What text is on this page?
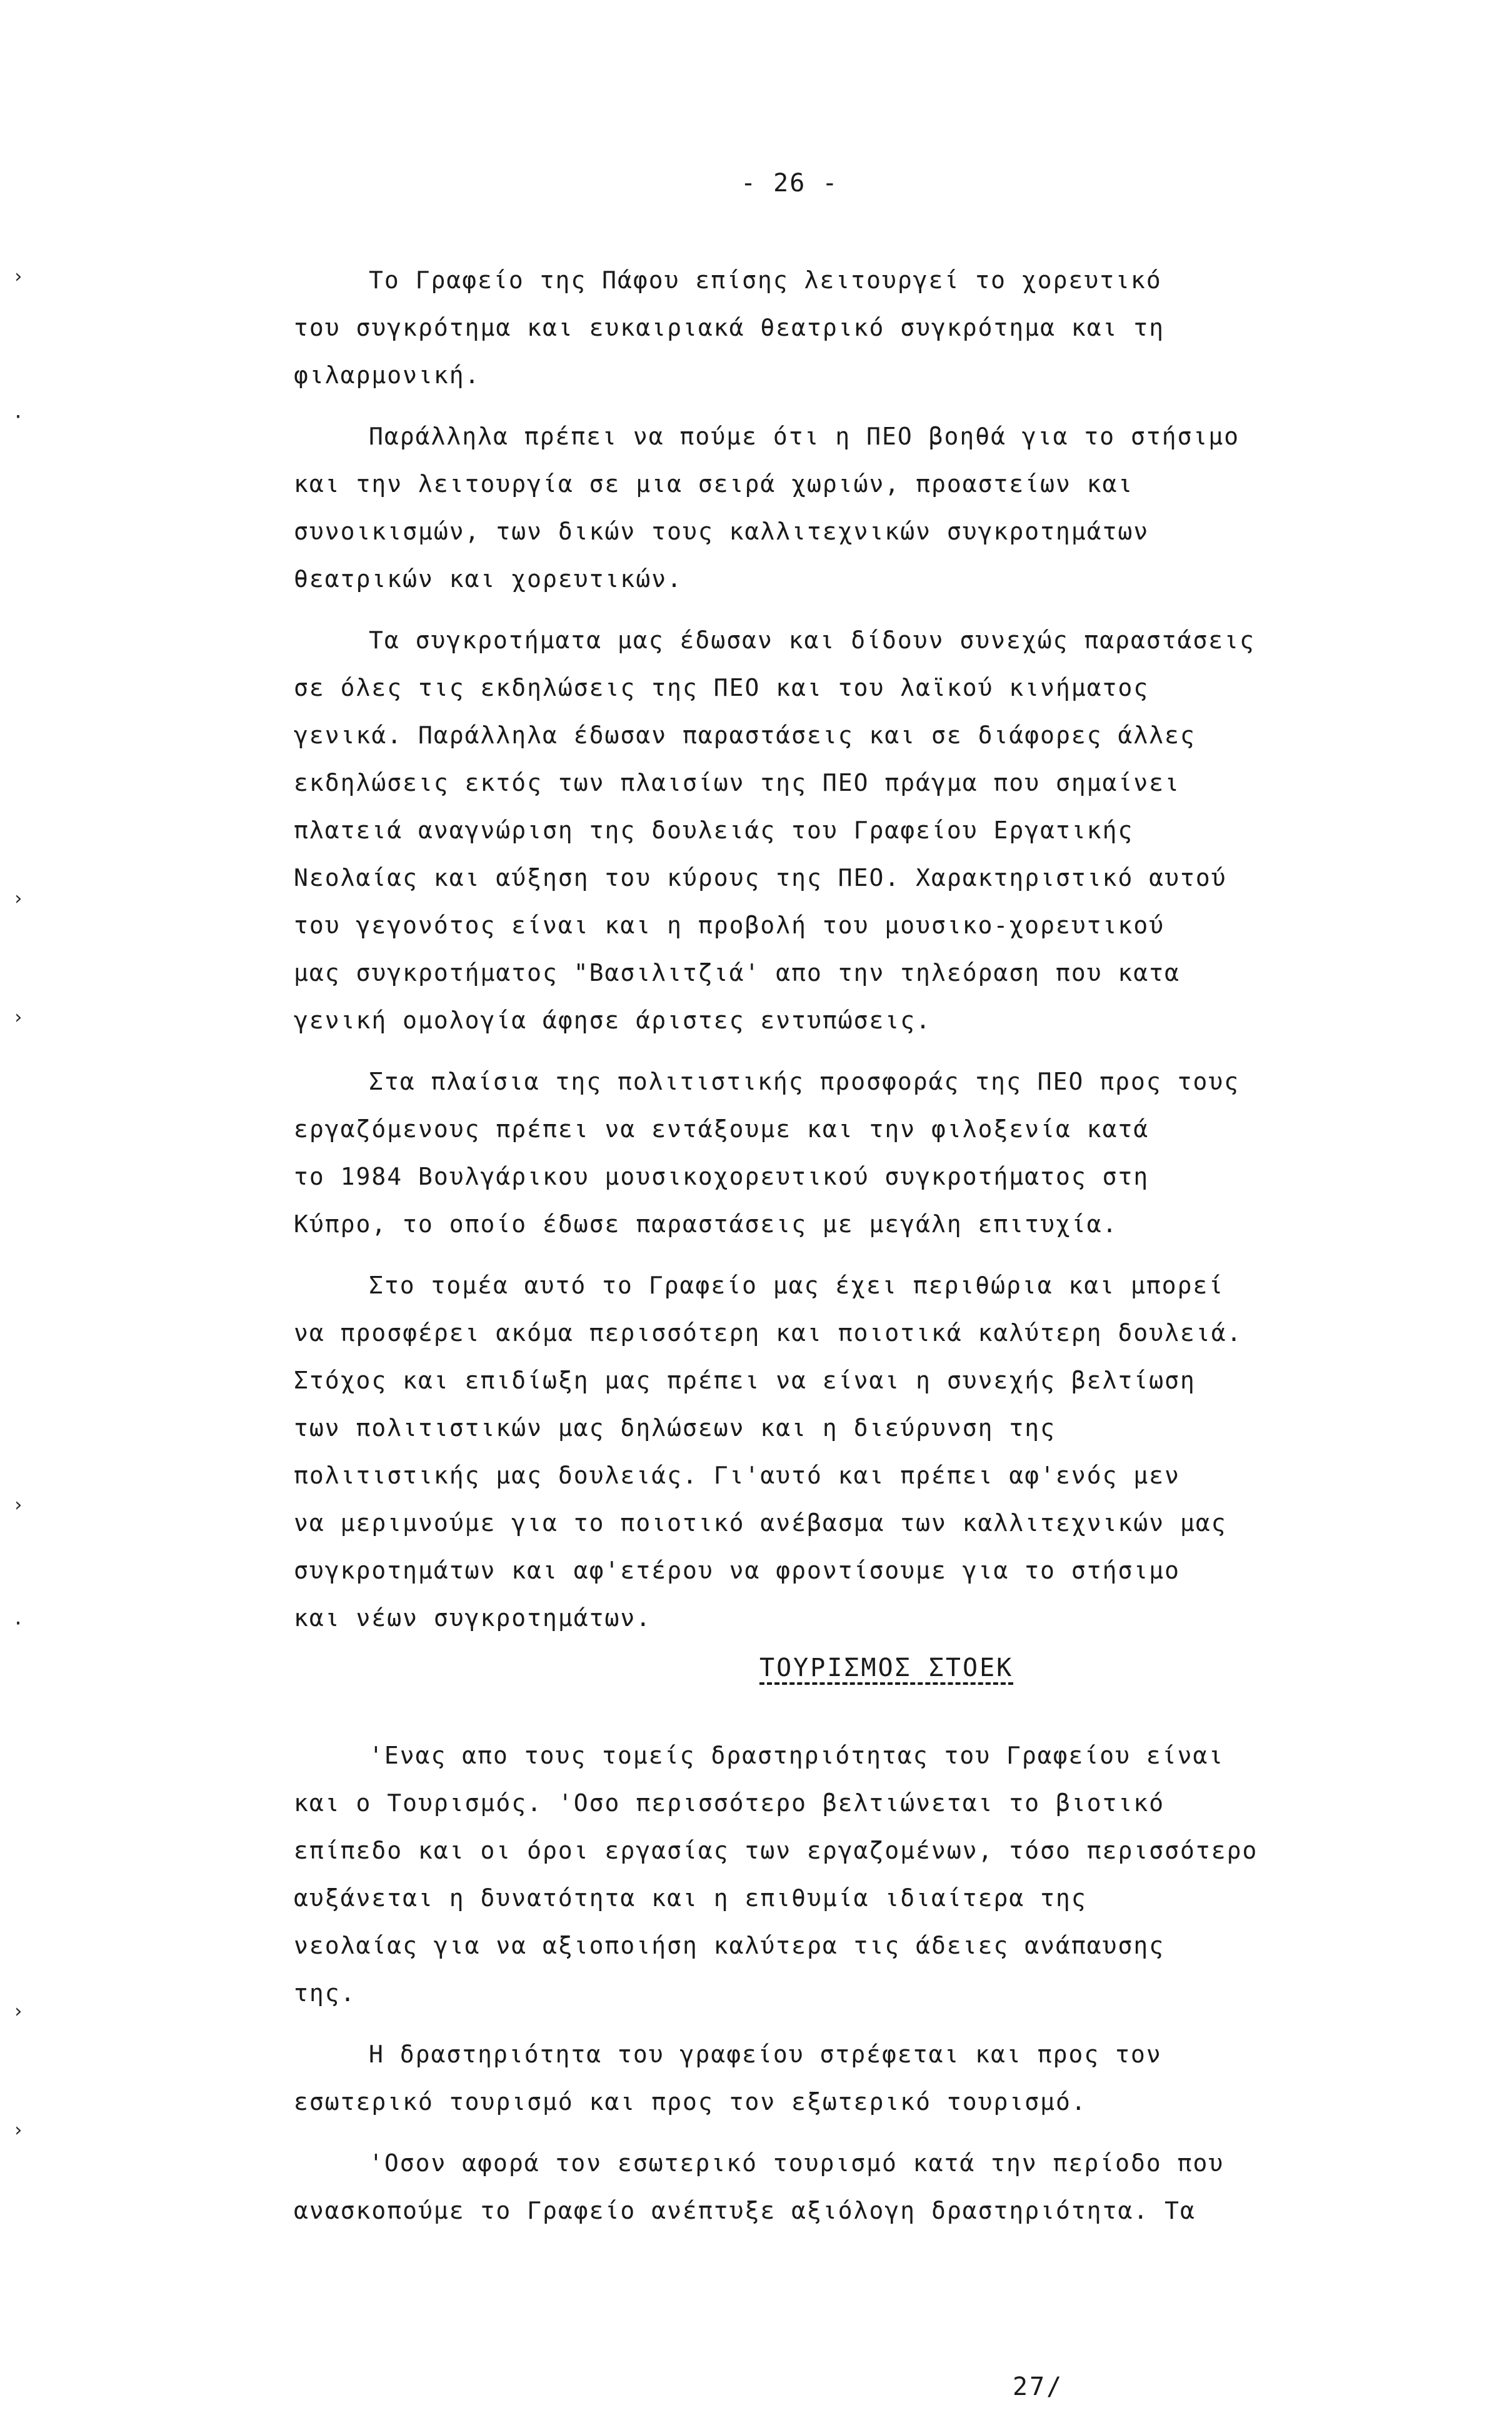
- 26 -
Το Γραφείο της Πάφου επίσης λειτουργεί το χορευτικό
του συγκρότημα και ευκαιριακά θεατρικό συγκρότημα και τη
φιλαρμονική.
Παράλληλα πρέπει να πούμε ότι η ΠΕΟ βοηθά για το στήσιμο
και την λειτουργία σε μια σειρά χωριών, προαστείων και
συνοικισμών, των δικών τους καλλιτεχνικών συγκροτημάτων
θεατρικών και χορευτικών.
Τα συγκροτήματα μας έδωσαν και δίδουν συνεχώς παραστάσεις
σε όλες τις εκδηλώσεις της ΠΕΟ και του λαϊκού κινήματος
γενικά. Παράλληλα έδωσαν παραστάσεις και σε διάφορες άλλες
εκδηλώσεις εκτός των πλαισίων της ΠΕΟ πράγμα που σημαίνει
πλατειά αναγνώριση της δουλειάς του Γραφείου Εργατικής
Νεολαίας και αύξηση του κύρους της ΠΕΟ. Χαρακτηριστικό αυτού
του γεγονότος είναι και η προβολή του μουσικο-χορευτικού
μας συγκροτήματος "Βασιλιτζιά' απο την τηλεόραση που κατα
γενική ομολογία άφησε άριστες εντυπώσεις.
Στα πλαίσια της πολιτιστικής προσφοράς της ΠΕΟ προς τους
εργαζόμενους πρέπει να εντάξουμε και την φιλοξενία κατά
το 1984 Βουλγάρικου μουσικοχορευτικού συγκροτήματος στη
Κύπρο, το οποίο έδωσε παραστάσεις με μεγάλη επιτυχία.
Στο τομέα αυτό το Γραφείο μας έχει περιθώρια και μπορεί
να προσφέρει ακόμα περισσότερη και ποιοτικά καλύτερη δουλειά.
Στόχος και επιδίωξη μας πρέπει να είναι η συνεχής βελτίωση
των πολιτιστικών μας δηλώσεων και η διεύρυνση της
πολιτιστικής μας δουλειάς. Γι'αυτό και πρέπει αφ'ενός μεν
να μεριμνούμε για το ποιοτικό ανέβασμα των καλλιτεχνικών μας
συγκροτημάτων και αφ'ετέρου να φροντίσουμε για το στήσιμο
και νέων συγκροτημάτων.
ΤΟΥΡΙΣΜΟΣ ΣΤΟΕΚ
'Ενας απο τους τομείς δραστηριότητας του Γραφείου είναι
και ο Τουρισμός. 'Οσο περισσότερο βελτιώνεται το βιοτικό
επίπεδο και οι όροι εργασίας των εργαζομένων, τόσο περισσότερο
αυξάνεται η δυνατότητα και η επιθυμία ιδιαίτερα της
νεολαίας για να αξιοποιήση καλύτερα τις άδειες ανάπαυσης
της.
Η δραστηριότητα του γραφείου στρέφεται και προς τον
εσωτερικό τουρισμό και προς τον εξωτερικό τουρισμό.
'Οσον αφορά τον εσωτερικό τουρισμό κατά την περίοδο που
ανασκοπούμε το Γραφείο ανέπτυξε αξιόλογη δραστηριότητα. Τα
27/
›
·
›
›
›
·
›
›
